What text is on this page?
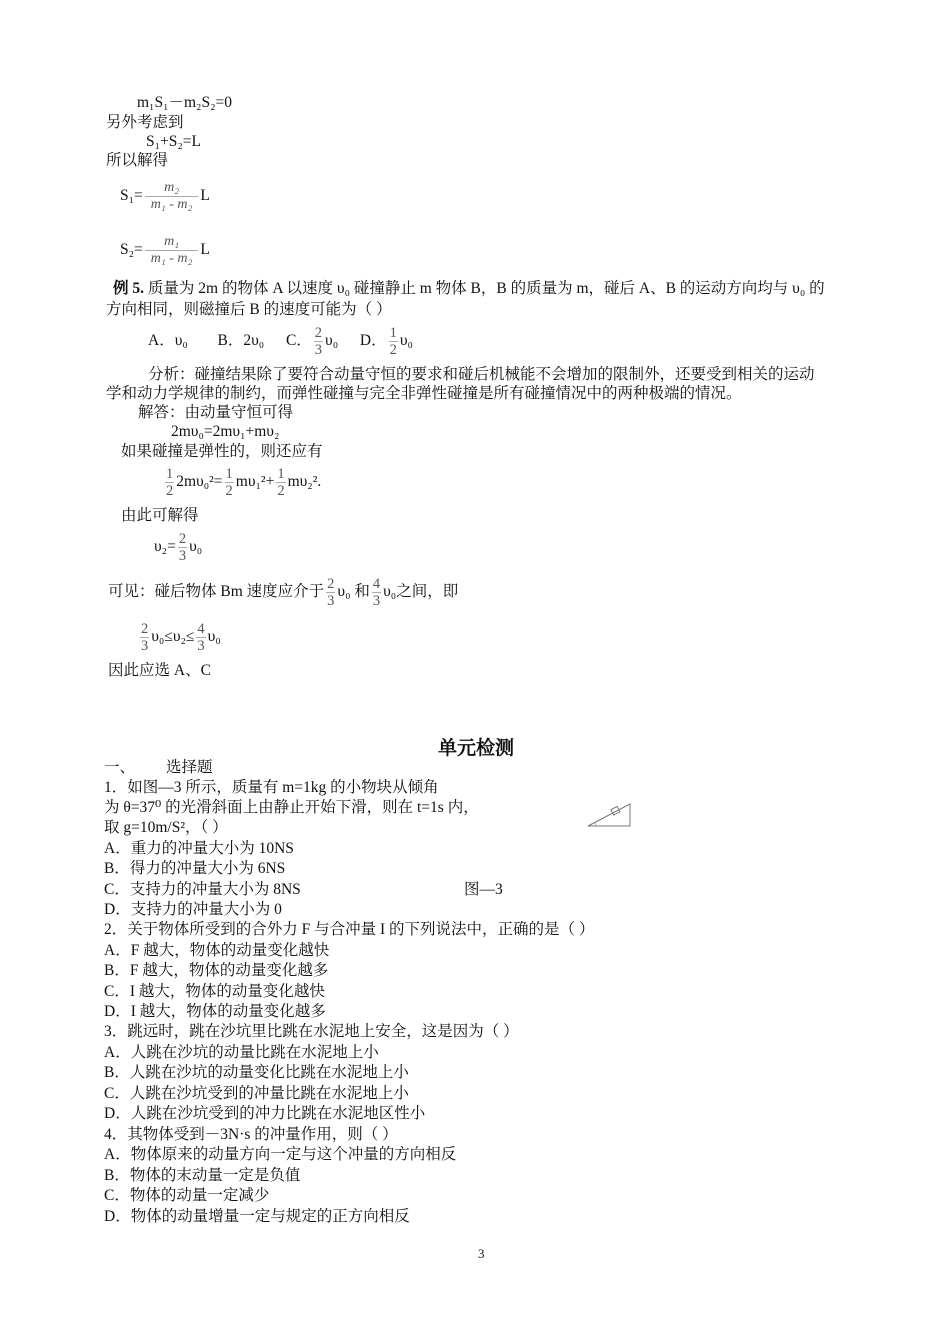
m₁S₁－m₂S₂=0
另外考虑到
S₁+S₂=L
所以解得
$S_1= \frac{\text{m₂}}{\text{m₁ - m₂}}$ L
$S_2= \frac{\text{m₁}}{\text{m₁ - m₂}}$ L
例 5. 质量为 2m 的物体 A 以速度 υ₀ 碰撞静止 m 物体 B，B 的质量为 m，碰后 A、B 的运动方向均与 υ₀ 的
方向相同，则磁撞后 B 的速度可能为（ ）
A．υ₀ B．2υ₀ C． $\frac{2}{3} \upsilon_0$ D． $\frac{1}{2} \upsilon_0$
分析：碰撞结果除了要符合动量守恒的要求和碰后机械能不会增加的限制外，还要受到相关的运动
学和动力学规律的制约，而弹性碰撞与完全非弹性碰撞是所有碰撞情况中的两种极端的情况。
解答：由动量守恒可得
2mυ₀=2mυ₁+mυ₂
如果碰撞是弹性的，则还应有
$\frac{1}{2} 2m\upsilon_0^2= \frac{1}{2} m\upsilon_1^2+ \frac{1}{2} m\upsilon_2^2$.
由此可解得
$\upsilon_2= \frac{2}{3} \upsilon_0$
可见：碰后物体 Bm 速度应介于 $\frac{2}{3} \upsilon_0$ 和 $\frac{4}{3} \upsilon_0$之间，即
$\frac{2}{3} \upsilon_0\le\upsilon_2\le \frac{4}{3} \upsilon_0$
因此应选 A、C
单元检测
一、        选择题
1．如图—3 所示，质量有 m=1kg 的小物块从倾角
为 θ=37⁰ 的光滑斜面上由静止开始下滑，则在 t=1s 内，
取 g=10m/S²，（ ）
A．重力的冲量大小为 10NS
B．得力的冲量大小为 6NS
C．支持力的冲量大小为 8NS	图—3
D．支持力的冲量大小为 0
2．关于物体所受到的合外力 F 与合冲量 I 的下列说法中，正确的是（ ）
A．F 越大，物体的动量变化越快
B．F 越大，物体的动量变化越多
C．I 越大，物体的动量变化越快
D．I 越大，物体的动量变化越多
3．跳远时，跳在沙坑里比跳在水泥地上安全，这是因为（ ）
A．人跳在沙坑的动量比跳在水泥地上小
B．人跳在沙坑的动量变化比跳在水泥地上小
C．人跳在沙坑受到的冲量比跳在水泥地上小
D．人跳在沙坑受到的冲力比跳在水泥地区性小
4．其物体受到－3N·s 的冲量作用，则（ ）
A．物体原来的动量方向一定与这个冲量的方向相反
B．物体的末动量一定是负值
C．物体的动量一定减少
D．物体的动量增量一定与规定的正方向相反
3
